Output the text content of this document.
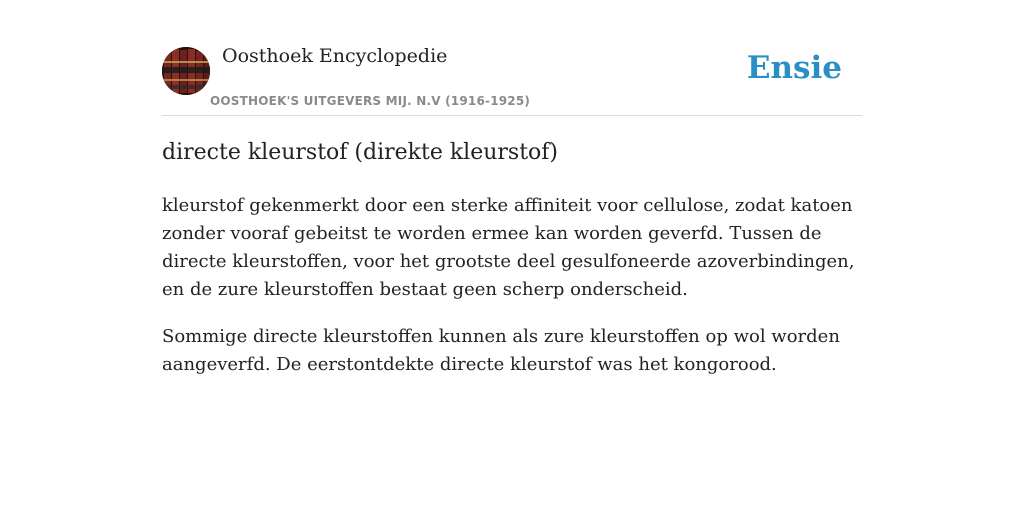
Oosthoek Encyclopedie
OOSTHOEK'S UITGEVERS MIJ. N.V (1916-1925)
Ensie
directe kleurstof (direkte kleurstof)

kleurstof gekenmerkt door een sterke affiniteit voor cellulose, zodat katoen zonder vooraf gebeitst te worden ermee kan worden geverfd. Tussen de directe kleurstoffen, voor het grootste deel gesulfoneerde azoverbindingen, en de zure kleurstoffen bestaat geen scherp onderscheid.

Sommige directe kleurstoffen kunnen als zure kleurstoffen op wol worden aangeverfd. De eerstontdekte directe kleurstof was het kongorood.
